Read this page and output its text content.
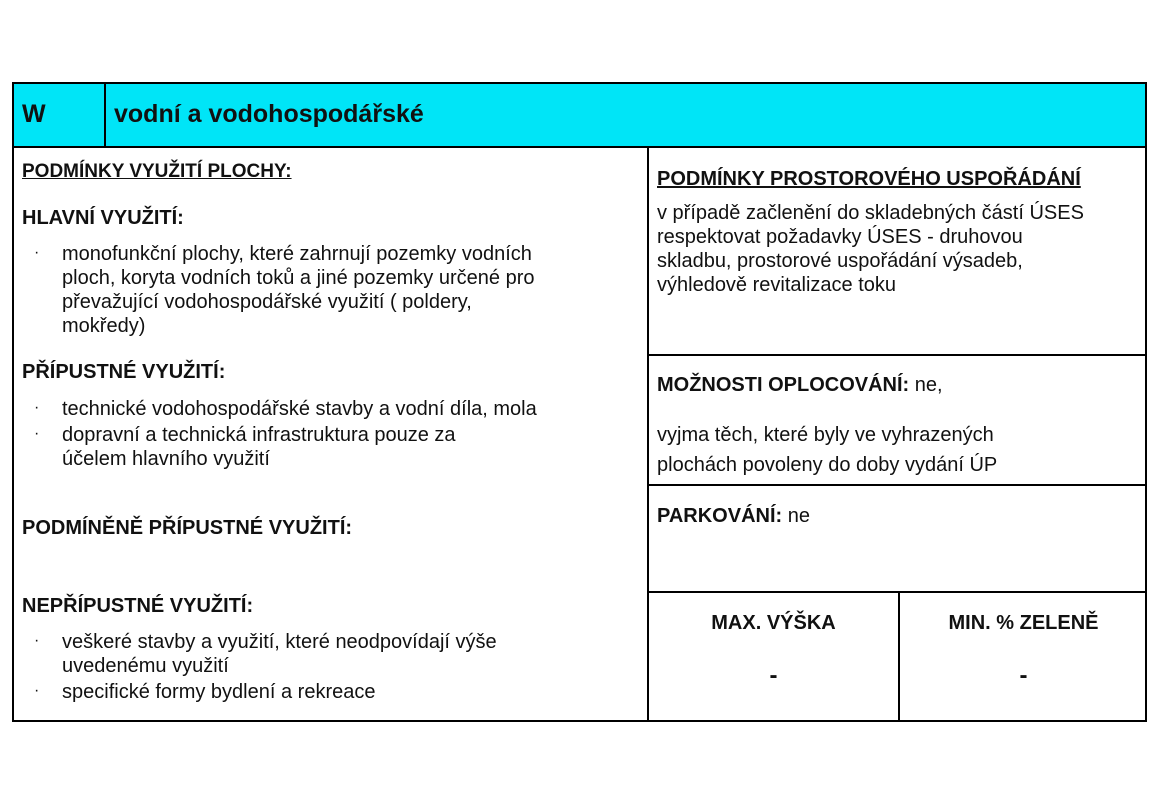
W	vodní a vodohospodářské
PODMÍNKY VYUŽITÍ PLOCHY:
HLAVNÍ VYUŽITÍ:
· monofunkční plochy, které zahrnují pozemky vodních
ploch, koryta vodních toků a jiné pozemky určené pro
převažující vodohospodářské využití ( poldery,
mokředy)
PŘÍPUSTNÉ VYUŽITÍ:
· technické vodohospodářské stavby a vodní díla, mola
· dopravní a technická infrastruktura pouze za
účelem hlavního využití
PODMÍNĚNĚ PŘÍPUSTNÉ VYUŽITÍ:
NEPŘÍPUSTNÉ VYUŽITÍ:
· veškeré stavby a využití, které neodpovídají výše
uvedenému využití
· specifické formy bydlení a rekreace
PODMÍNKY PROSTOROVÉHO USPOŘÁDÁNÍ
v případě začlenění do skladebných částí ÚSES
respektovat požadavky ÚSES - druhovou
skladbu, prostorové uspořádání výsadeb,
výhledově revitalizace toku
MOŽNOSTI OPLOCOVÁNÍ: ne,
vyjma těch, které byly ve vyhrazených
plochách povoleny do doby vydání ÚP
PARKOVÁNÍ: ne
MAX. VÝŠKA
-
MIN. % ZELENĚ
-
